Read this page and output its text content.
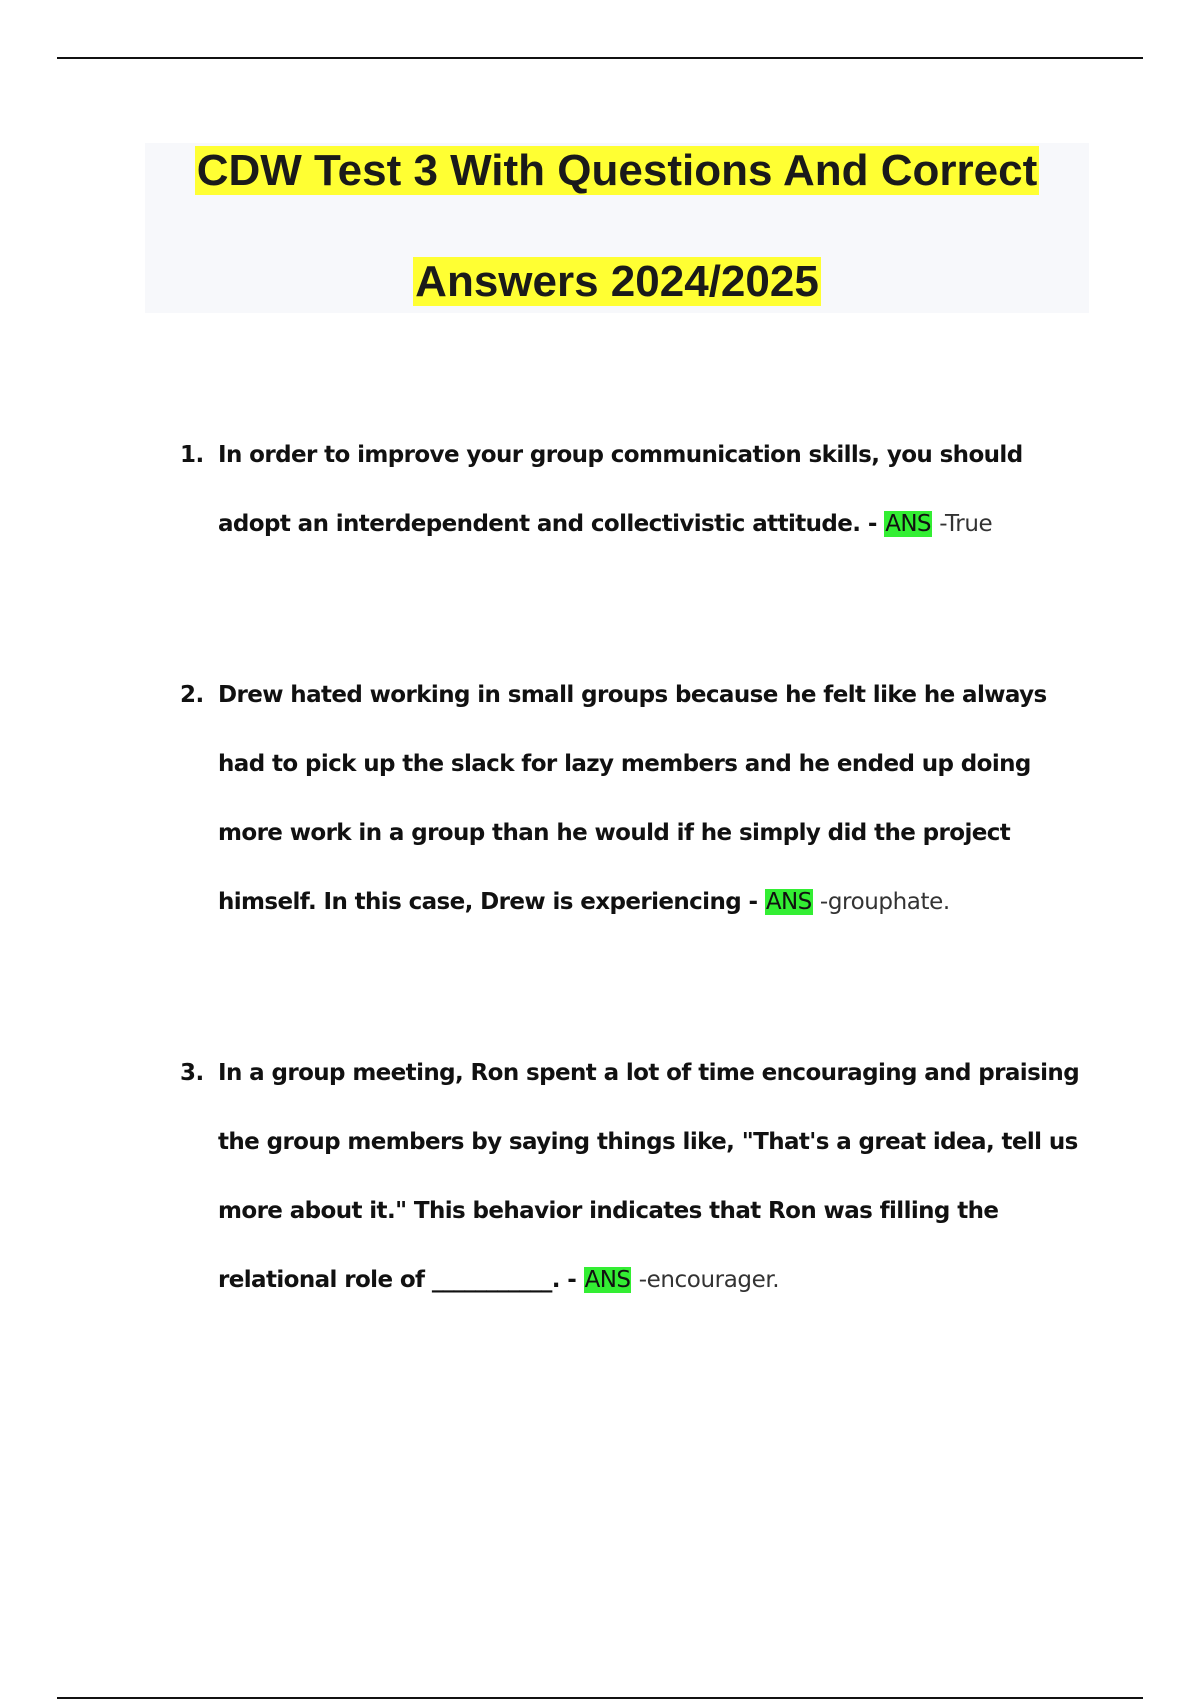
CDW Test 3 With Questions And Correct
Answers 2024/2025
1. In order to improve your group communication skills, you should adopt an interdependent and collectivistic attitude. - ANS -True
2. Drew hated working in small groups because he felt like he always had to pick up the slack for lazy members and he ended up doing more work in a group than he would if he simply did the project himself. In this case, Drew is experiencing - ANS -grouphate.
3. In a group meeting, Ron spent a lot of time encouraging and praising the group members by saying things like, "That's a great idea, tell us more about it." This behavior indicates that Ron was filling the relational role of ___________. - ANS -encourager.
